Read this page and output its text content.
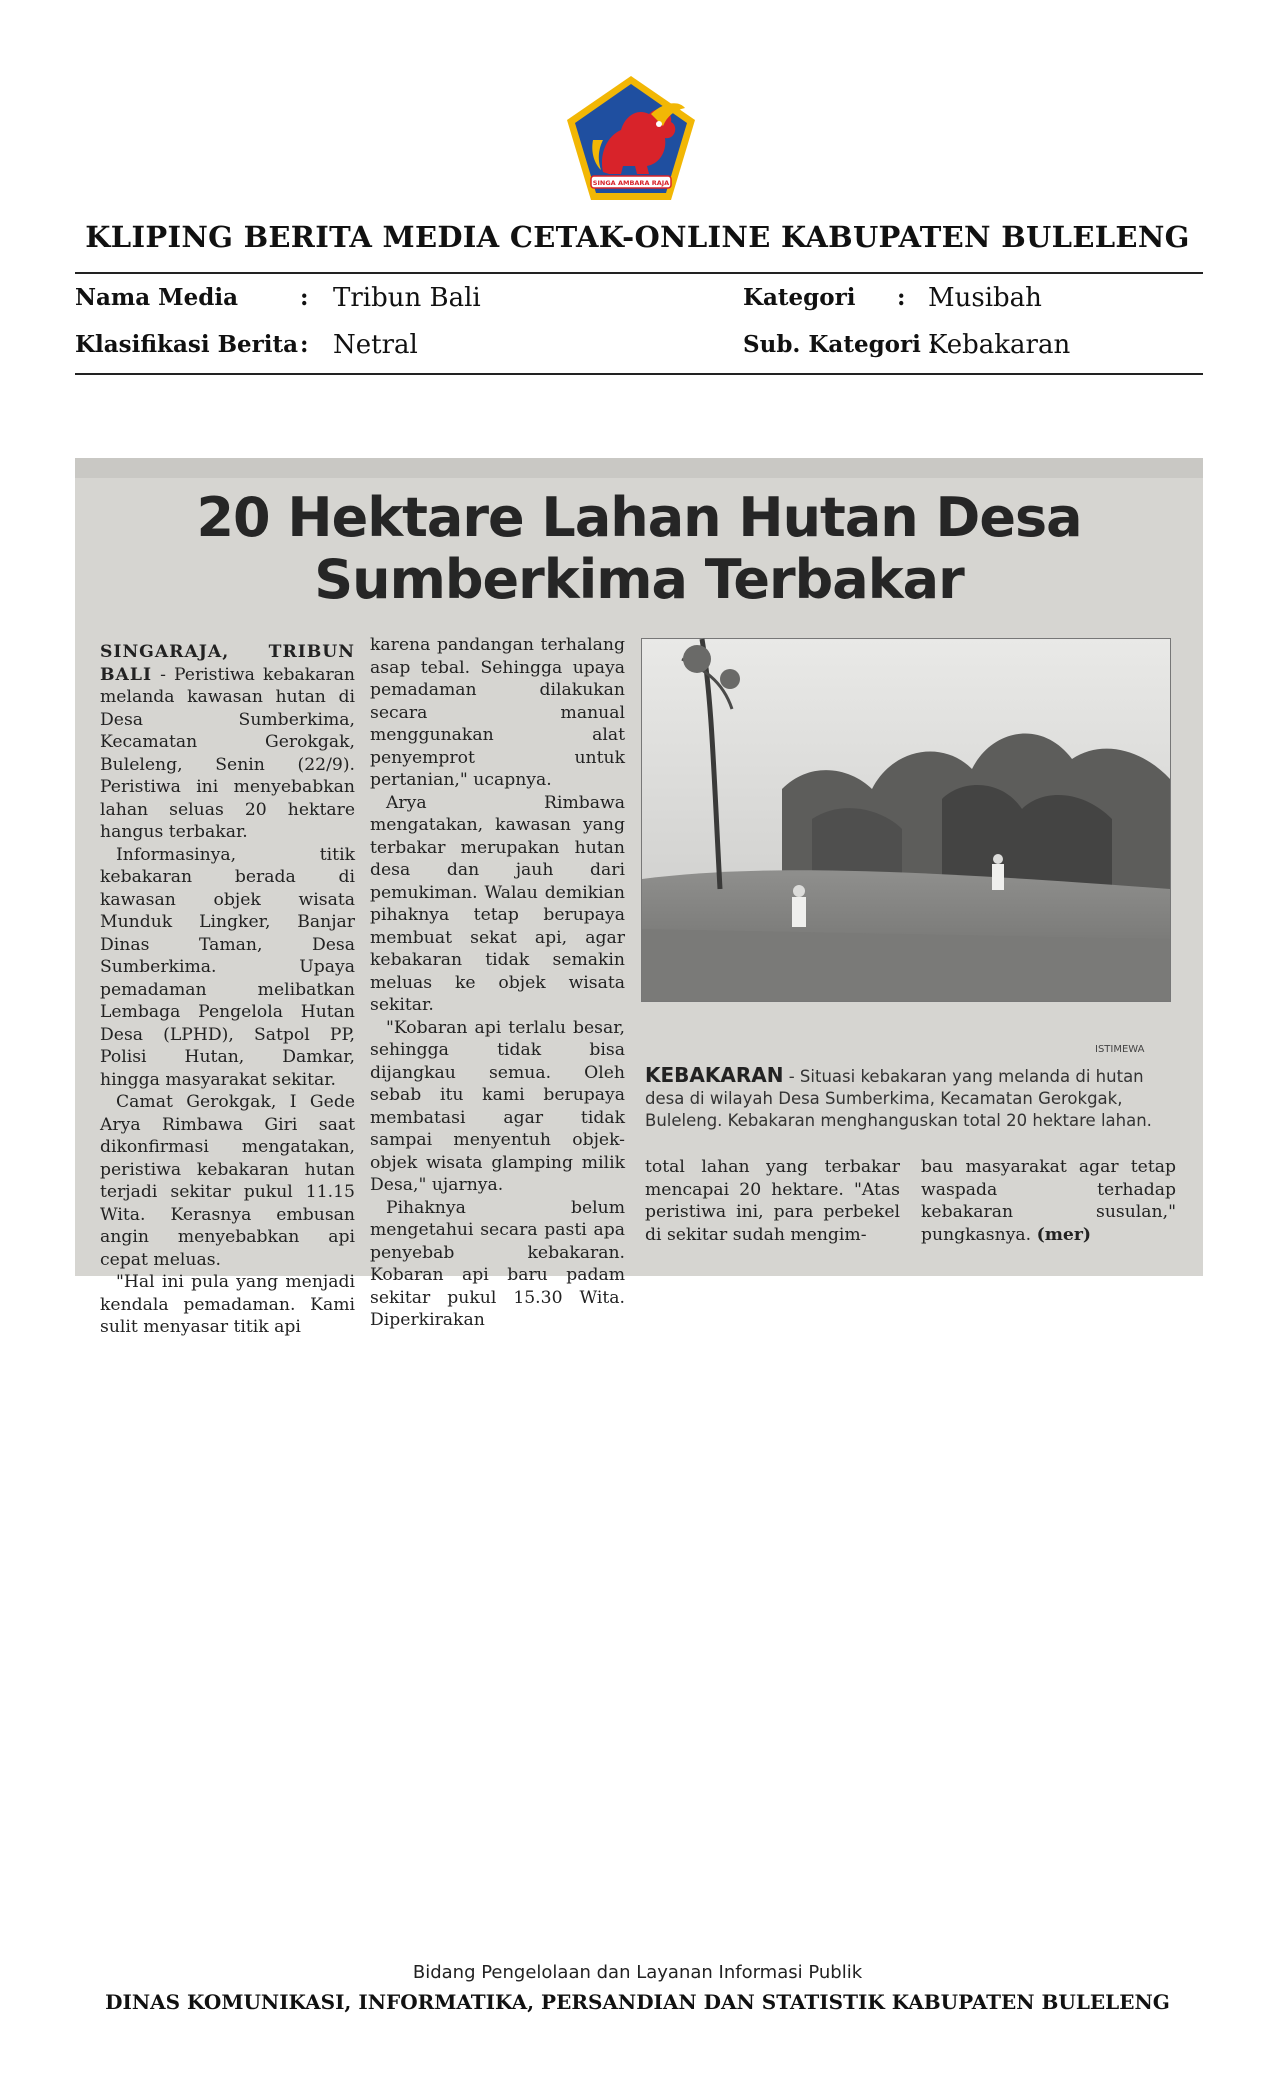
SINGA AMBARA RAJA
KLIPING BERITA MEDIA CETAK-ONLINE KABUPATEN BULELENG
Nama Media	: Tribun Bali	Kategori : Musibah
Klasifikasi Berita : Netral	Sub. Kategori :
Kebakaran
20 Hektare Lahan Hutan Desa
Sumberkima Terbakar

SINGARAJA, TRIBUN BALI - Peristiwa kebakaran melanda kawasan hutan di Desa Sumberkima, Kecamatan Gerokgak, Buleleng, Senin (22/9). Peristiwa ini menyebabkan lahan seluas 20 hektare hangus terbakar.

Informasinya, titik kebakaran berada di kawasan objek wisata Munduk Lingker, Banjar Dinas Taman, Desa Sumberkima. Upaya pemadaman melibatkan Lembaga Pengelola Hutan Desa (LPHD), Satpol PP, Polisi Hutan, Damkar, hingga masyarakat sekitar.

Camat Gerokgak, I Gede Arya Rimbawa Giri saat dikonfirmasi mengatakan, peristiwa kebakaran hutan terjadi sekitar pukul 11.15 Wita. Kerasnya embusan angin menyebabkan api cepat meluas.

"Hal ini pula yang menjadi kendala pemadaman. Kami sulit menyasar titik api

karena pandangan terhalang asap tebal. Sehingga upaya pemadaman dilakukan secara manual menggunakan alat penyemprot untuk pertanian," ucapnya.

Arya Rimbawa mengatakan, kawasan yang terbakar merupakan hutan desa dan jauh dari pemukiman. Walau demikian pihaknya tetap berupaya membuat sekat api, agar kebakaran tidak semakin meluas ke objek wisata sekitar.

"Kobaran api terlalu besar, sehingga tidak bisa dijangkau semua. Oleh sebab itu kami berupaya membatasi agar tidak sampai menyentuh objek-objek wisata glamping milik Desa," ujarnya.

Pihaknya belum mengetahui secara pasti apa penyebab kebakaran. Kobaran api baru padam sekitar pukul 15.30 Wita. Diperkirakan

ISTIMEWA
KEBAKARAN - Situasi kebakaran yang melanda di hutan desa di wilayah Desa Sumberkima, Kecamatan Gerokgak, Buleleng. Kebakaran menghanguskan total 20 hektare lahan.

total lahan yang terbakar mencapai 20 hektare. "Atas peristiwa ini, para perbekel di sekitar sudah mengim-

bau masyarakat agar tetap waspada terhadap kebakaran susulan," pungkasnya. (mer)

Bidang Pengelolaan dan Layanan Informasi Publik
DINAS KOMUNIKASI, INFORMATIKA, PERSANDIAN DAN STATISTIK KABUPATEN BULELENG
